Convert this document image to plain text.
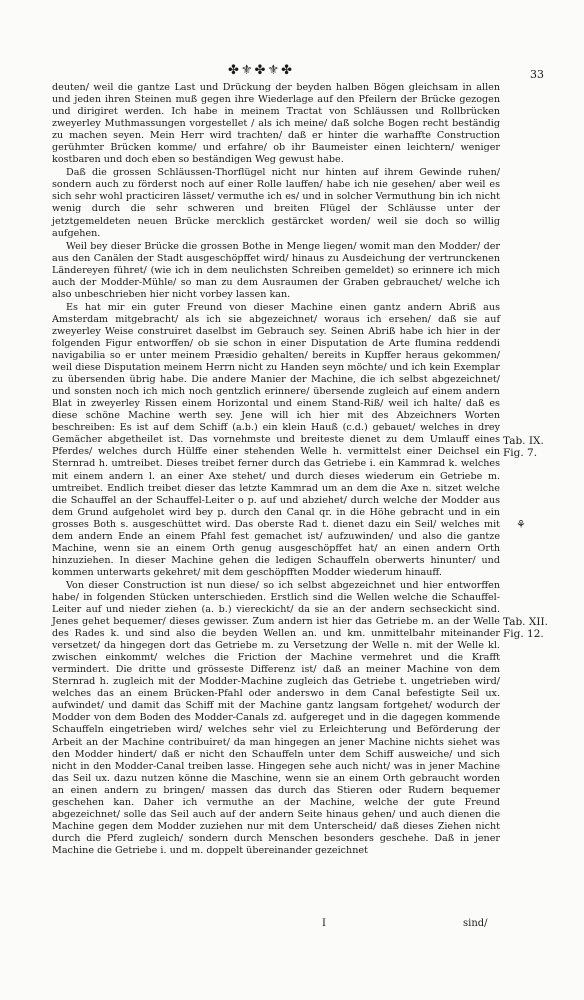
✤⚜✤⚜✤	33

deuten/ weil die gantze Last und Drückung der beyden halben Bögen gleichsam in allen und jeden ihren Steinen muß gegen ihre Wiederlage auf den Pfeilern der Brücke gezogen und dirigiret werden. Ich habe in meinem Tractat von Schläussen und Rollbrücken zweyerley Muthmassungen vorgestellet / als ich meine/ daß solche Bogen recht beständig zu machen seyen. Mein Herr wird trachten/ daß er hinter die warhaffte Construction gerühmter Brücken komme/ und erfahre/ ob ihr Baumeister einen leichtern/ weniger kostbaren und doch eben so beständigen Weg gewust habe.

Daß die grossen Schläussen-Thorflügel nicht nur hinten auf ihrem Gewinde ruhen/ sondern auch zu förderst noch auf einer Rolle lauffen/ habe ich nie gesehen/ aber weil es sich sehr wohl practiciren lässet/ vermuthe ich es/ und in solcher Vermuthung bin ich nicht wenig durch die sehr schweren und breiten Flügel der Schläusse unter der jetztgemeldeten neuen Brücke mercklich gestärcket worden/ weil sie doch so willig aufgehen.

Weil bey dieser Brücke die grossen Bothe in Menge liegen/ womit man den Modder/ der aus den Canälen der Stadt ausgeschöpffet wird/ hinaus zu Ausdeichung der vertrunckenen Ländereyen führet/ (wie ich in dem neulichsten Schreiben gemeldet) so erinnere ich mich auch der Modder-Mühle/ so man zu dem Ausraumen der Graben gebrauchet/ welche ich also unbeschrieben hier nicht vorbey lassen kan.

Es hat mir ein guter Freund von dieser Machine einen gantz andern Abriß aus Amsterdam mitgebracht/ als ich sie abgezeichnet/ woraus ich ersehen/ daß sie auf zweyerley Weise construiret daselbst im Gebrauch sey. Seinen Abriß habe ich hier in der folgenden Figur entworffen/ ob sie schon in einer Disputation de Arte flumina reddendi navigabilia so er unter meinem Præsidio gehalten/ bereits in Kupffer heraus gekommen/ weil diese Disputation meinem Herrn nicht zu Handen seyn möchte/ und ich kein Exemplar zu übersenden übrig habe. Die andere Manier der Machine, die ich selbst abgezeichnet/ und sonsten noch ich mich noch gentzlich erinnere/ übersende zugleich auf einem andern Blat in zweyerley Rissen einem Horizontal und einem Stand-Riß/ weil ich halte/ daß es diese schöne Machine werth sey. Jene will ich hier mit des Abzeichners Worten beschreiben: Es ist auf dem Schiff (a.b.) ein klein Hauß (c.d.) gebauet/ welches in drey Gemächer abgetheilet ist. Das vornehmste und breiteste dienet zu dem Umlauff eines Pferdes/ welches durch Hülffe einer stehenden Welle h. vermittelst einer Deichsel ein Sternrad h. umtreibet. Dieses treibet ferner durch das Getriebe i. ein Kammrad k. welches mit einem andern l. an einer Axe stehet/ und durch dieses wiederum ein Getriebe m. umtreibet. Endlich treibet dieser das letzte Kammrad um an dem die Axe n. sitzet welche die Schauffel an der Schauffel-Leiter o p. auf und abziehet/ durch welche der Modder aus dem Grund aufgeholet wird bey p. durch den Canal qr. in die Höhe gebracht und in ein grosses Both s. ausgeschüttet wird. Das oberste Rad t. dienet dazu ein Seil/ welches mit dem andern Ende an einem Pfahl fest gemachet ist/ aufzuwinden/ und also die gantze Machine, wenn sie an einem Orth genug ausgeschöpffet hat/ an einen andern Orth hinzuziehen. In dieser Machine gehen die ledigen Schauffeln oberwerts hinunter/ und kommen unterwarts gekehret/ mit dem geschöpfften Modder wiederum hinauff.

Von dieser Construction ist nun diese/ so ich selbst abgezeichnet und hier entworffen habe/ in folgenden Stücken unterschieden. Erstlich sind die Wellen welche die Schauffel-Leiter auf und nieder ziehen (a. b.) viereckicht/ da sie an der andern sechseckicht sind. Jenes gehet bequemer/ dieses gewisser. Zum andern ist hier das Getriebe m. an der Welle des Rades k. und sind also die beyden Wellen an. und km. unmittelbahr miteinander versetzet/ da hingegen dort das Getriebe m. zu Versetzung der Welle n. mit der Welle kl. zwischen einkommt/ welches die Friction der Machine vermehret und die Krafft vermindert. Die dritte und grösseste Differenz ist/ daß an meiner Machine von dem Sternrad h. zugleich mit der Modder-Machine zugleich das Getriebe t. ungetrieben wird/ welches das an einem Brücken-Pfahl oder anderswo in dem Canal befestigte Seil ux. aufwindet/ und damit das Schiff mit der Machine gantz langsam fortgehet/ wodurch der Modder von dem Boden des Modder-Canals zd. aufgereget und in die dagegen kommende Schauffeln eingetrieben wird/ welches sehr viel zu Erleichterung und Beförderung der Arbeit an der Machine contribuiret/ da man hingegen an jener Machine nichts siehet was den Modder hindert/ daß er nicht den Schauffeln unter dem Schiff ausweiche/ und sich nicht in den Modder-Canal treiben lasse. Hingegen sehe auch nicht/ was in jener Machine das Seil ux. dazu nutzen könne die Maschine, wenn sie an einem Orth gebraucht worden an einen andern zu bringen/ massen das durch das Stieren oder Rudern bequemer geschehen kan. Daher ich vermuthe an der Machine, welche der gute Freund abgezeichnet/ solle das Seil auch auf der andern Seite hinaus gehen/ und auch dienen die Machine gegen dem Modder zuziehen nur mit dem Unterscheid/ daß dieses Ziehen nicht durch die Pferd zugleich/ sondern durch Menschen besonders geschehe. Daß in jener Machine die Getriebe i. und m. doppelt übereinander gezeichnet

Tab. IX.
Fig. 7.
⚘
Tab. XII.
Fig. 12.
I	sind/
